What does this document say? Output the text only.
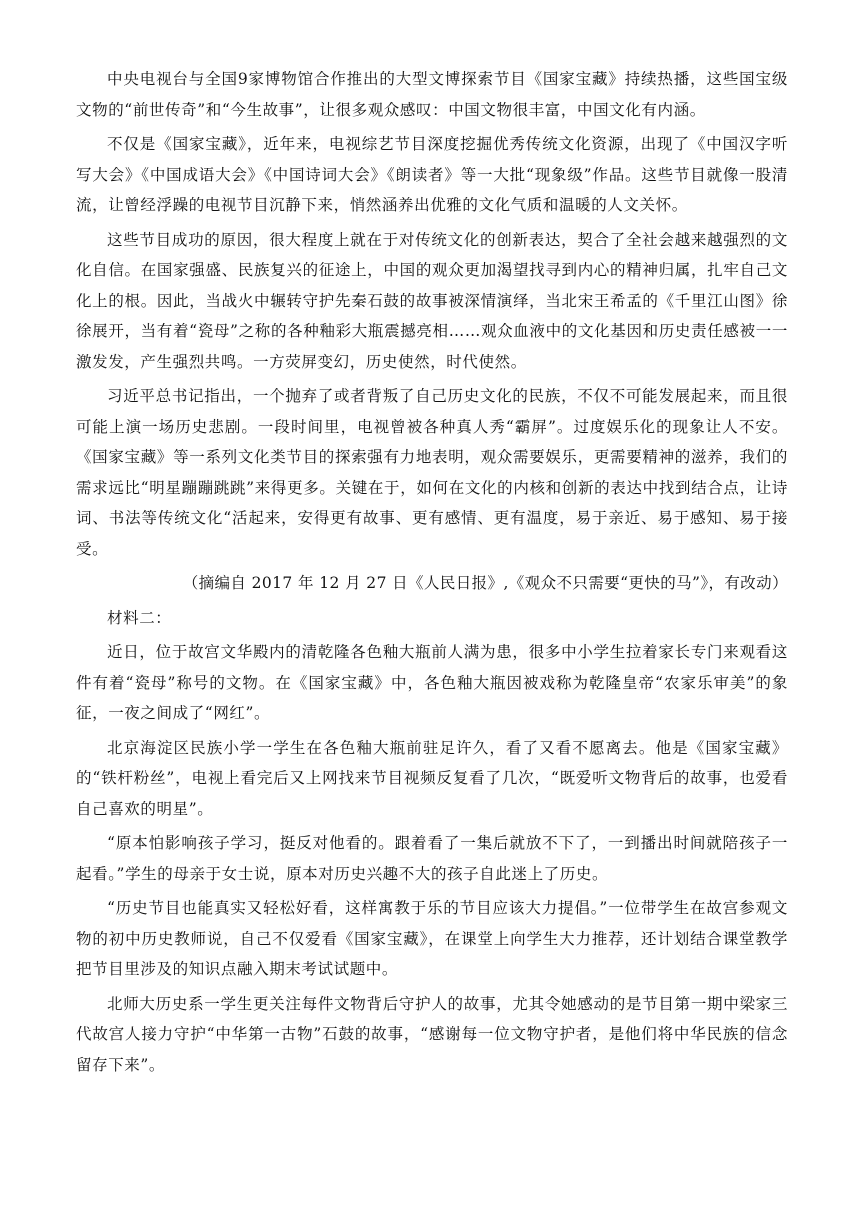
中央电视台与全国9家博物馆合作推出的大型文博探索节目《国家宝藏》持续热播，这些国宝级文物的“前世传奇”和“今生故事”，让很多观众感叹：中国文物很丰富，中国文化有内涵。

不仅是《国家宝藏》，近年来，电视综艺节目深度挖掘优秀传统文化资源，出现了《中国汉字听写大会》《中国成语大会》《中国诗词大会》《朗读者》等一大批“现象级”作品。这些节目就像一股清流，让曾经浮躁的电视节目沉静下来，悄然涵养出优雅的文化气质和温暖的人文关怀。

这些节目成功的原因，很大程度上就在于对传统文化的创新表达，契合了全社会越来越强烈的文化自信。在国家强盛、民族复兴的征途上，中国的观众更加渴望找寻到内心的精神归属，扎牢自己文化上的根。因此，当战火中辗转守护先秦石鼓的故事被深情演绎，当北宋王希孟的《千里江山图》徐徐展开，当有着“瓷母”之称的各种釉彩大瓶震撼亮相……观众血液中的文化基因和历史责任感被一一激发发，产生强烈共鸣。一方荧屏变幻，历史使然，时代使然。

习近平总书记指出，一个抛弃了或者背叛了自己历史文化的民族，不仅不可能发展起来，而且很可能上演一场历史悲剧。一段时间里，电视曾被各种真人秀“霸屏”。过度娱乐化的现象让人不安。《国家宝藏》等一系列文化类节目的探索强有力地表明，观众需要娱乐，更需要精神的滋养，我们的需求远比“明星蹦蹦跳跳”来得更多。关键在于，如何在文化的内核和创新的表达中找到结合点，让诗词、书法等传统文化“活起来，安得更有故事、更有感情、更有温度，易于亲近、易于感知、易于接受。

（摘编自 2017 年 12 月 27 日《人民日报》,《观众不只需要“更快的马”》，有改动）

材料二：

近日，位于故宫文华殿内的清乾隆各色釉大瓶前人满为患，很多中小学生拉着家长专门来观看这件有着“瓷母”称号的文物。在《国家宝藏》中，各色釉大瓶因被戏称为乾隆皇帝“农家乐审美”的象征，一夜之间成了“网红”。

北京海淀区民族小学一学生在各色釉大瓶前驻足许久，看了又看不愿离去。他是《国家宝藏》的“铁杆粉丝”，电视上看完后又上网找来节目视频反复看了几次，“既爱听文物背后的故事，也爱看自己喜欢的明星”。

“原本怕影响孩子学习，挺反对他看的。跟着看了一集后就放不下了，一到播出时间就陪孩子一起看。”学生的母亲于女士说，原本对历史兴趣不大的孩子自此迷上了历史。

“历史节目也能真实又轻松好看，这样寓教于乐的节目应该大力提倡。”一位带学生在故宫参观文物的初中历史教师说，自己不仅爱看《国家宝藏》，在课堂上向学生大力推荐，还计划结合课堂教学把节目里涉及的知识点融入期末考试试题中。

北师大历史系一学生更关注每件文物背后守护人的故事，尤其令她感动的是节目第一期中梁家三代故宫人接力守护“中华第一古物”石鼓的故事，“感谢每一位文物守护者，是他们将中华民族的信念留存下来”。
